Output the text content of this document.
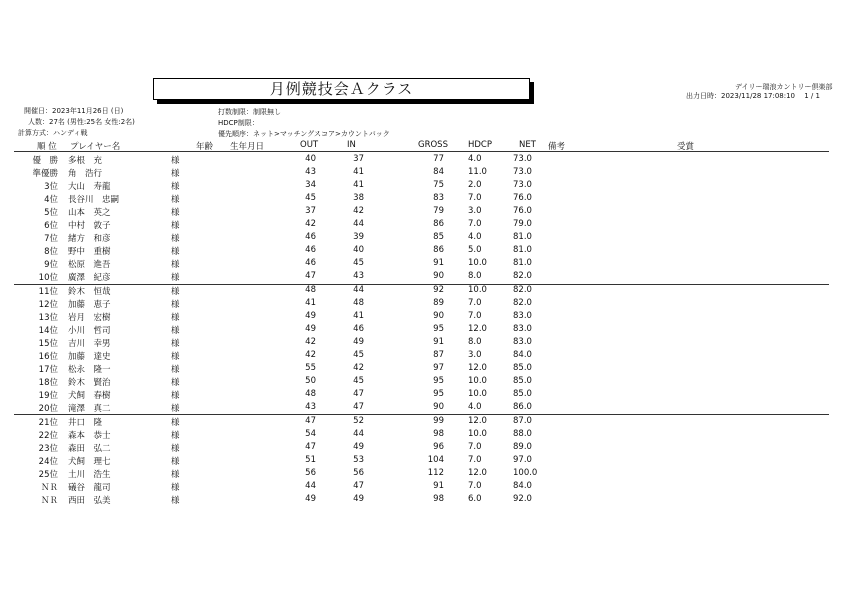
月例競技会Ａクラス	デイリー瑞浪カントリー倶楽部
出力日時：2023/11/28 17:08:10　 1 / 1
開催日：2023年11月26日 (日)
人数：27名 (男性:25名 女性:2名)
計算方式：ハンディ戦
打数制限：制限無し
HDCP制限：
優先順序：ネット>マッチングスコア>カウントバック
順 位 プレイヤー名	年齢 生年月日	OUT	IN	GROSS HDCP	NET 備考	受賞
優　勝 多根　充	様	40	37	77	4.0	73.0
準優勝 角　浩行	様	43	41	84	11.0	73.0
3位 大山　寿龍	様	34	41	75	2.0	73.0
4位 長谷川　忠嗣	様	45	38	83	7.0	76.0
5位 山本　英之	様	37	42	79	3.0	76.0
6位 中村　敦子	様	42	44	86	7.0	79.0
7位 緒方　和彦	様	46	39	85	4.0	81.0
8位 野中　重樹	様	46	40	86	5.0	81.0
9位 松原　進吾	様	46	45	91	10.0	81.0
10位 廣澤　紀彦	様	47	43	90	8.0	82.0
11位 鈴木　恒哉	様	48	44	92	10.0	82.0
12位 加藤　恵子	様	41	48	89	7.0	82.0
13位 岩月　宏樹	様	49	41	90	7.0	83.0
14位 小川　哲司	様	49	46	95	12.0	83.0
15位 吉川　幸男	様	42	49	91	8.0	83.0
16位 加藤　達史	様	42	45	87	3.0	84.0
17位 松永　隆一	様	55	42	97	12.0	85.0
18位 鈴木　賢治	様	50	45	95	10.0	85.0
19位 犬飼　春樹	様	48	47	95	10.0	85.0
20位 滝澤　真二	様	43	47	90	4.0	86.0
21位 井口　隆	様	47	52	99	12.0	87.0
22位 森本　恭士	様	54	44	98	10.0	88.0
23位 森田　弘二	様	47	49	96	7.0	89.0
24位 犬飼　理七	様	51	53	104	7.0	97.0
25位 土川　浩生	様	56	56	112	12.0	100.0
ＮＲ 礒谷　龍司	様	44	47	91	7.0	84.0
ＮＲ 西田　弘美	様	49	49	98	6.0	92.0
